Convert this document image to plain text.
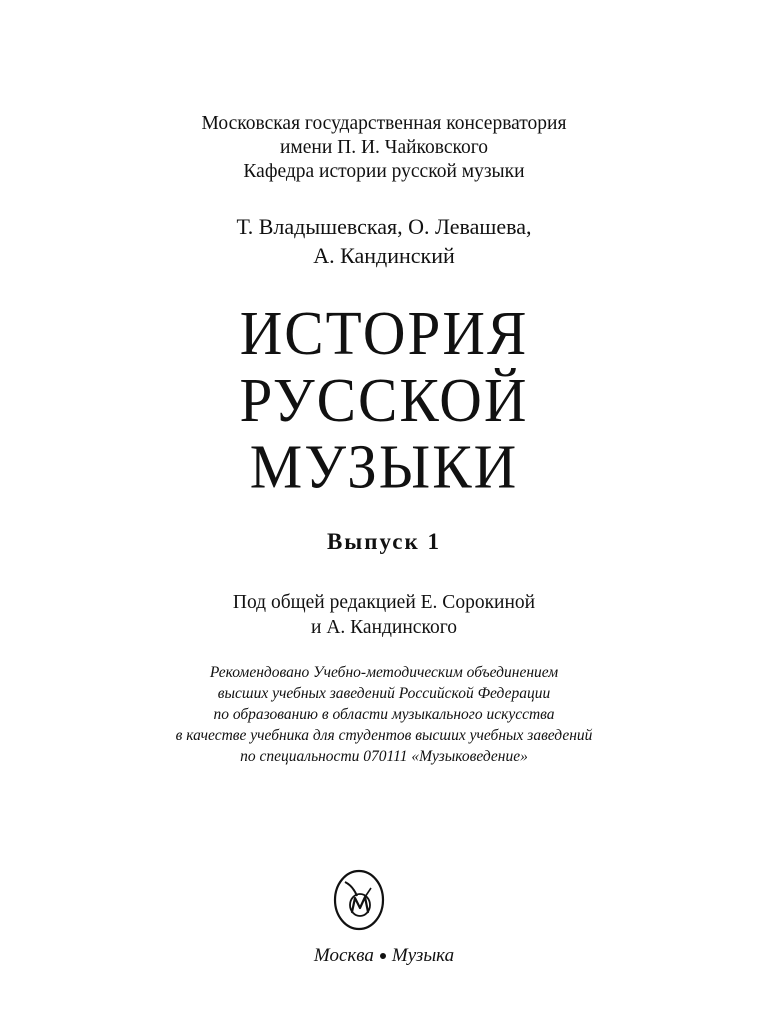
Московская государственная консерватория
имени П. И. Чайковского
Кафедра истории русской музыки
Т. Владышевская, О. Левашева,
А. Кандинский
ИСТОРИЯ
РУССКОЙ
МУЗЫКИ
Выпуск 1
Под общей редакцией Е. Сорокиной
и А. Кандинского
Рекомендовано Учебно-методическим объединением
высших учебных заведений Российской Федерации
по образованию в области музыкального искусства
в качестве учебника для студентов высших учебных заведений
по специальности 070111 «Музыковедение»
Москва Музыка
